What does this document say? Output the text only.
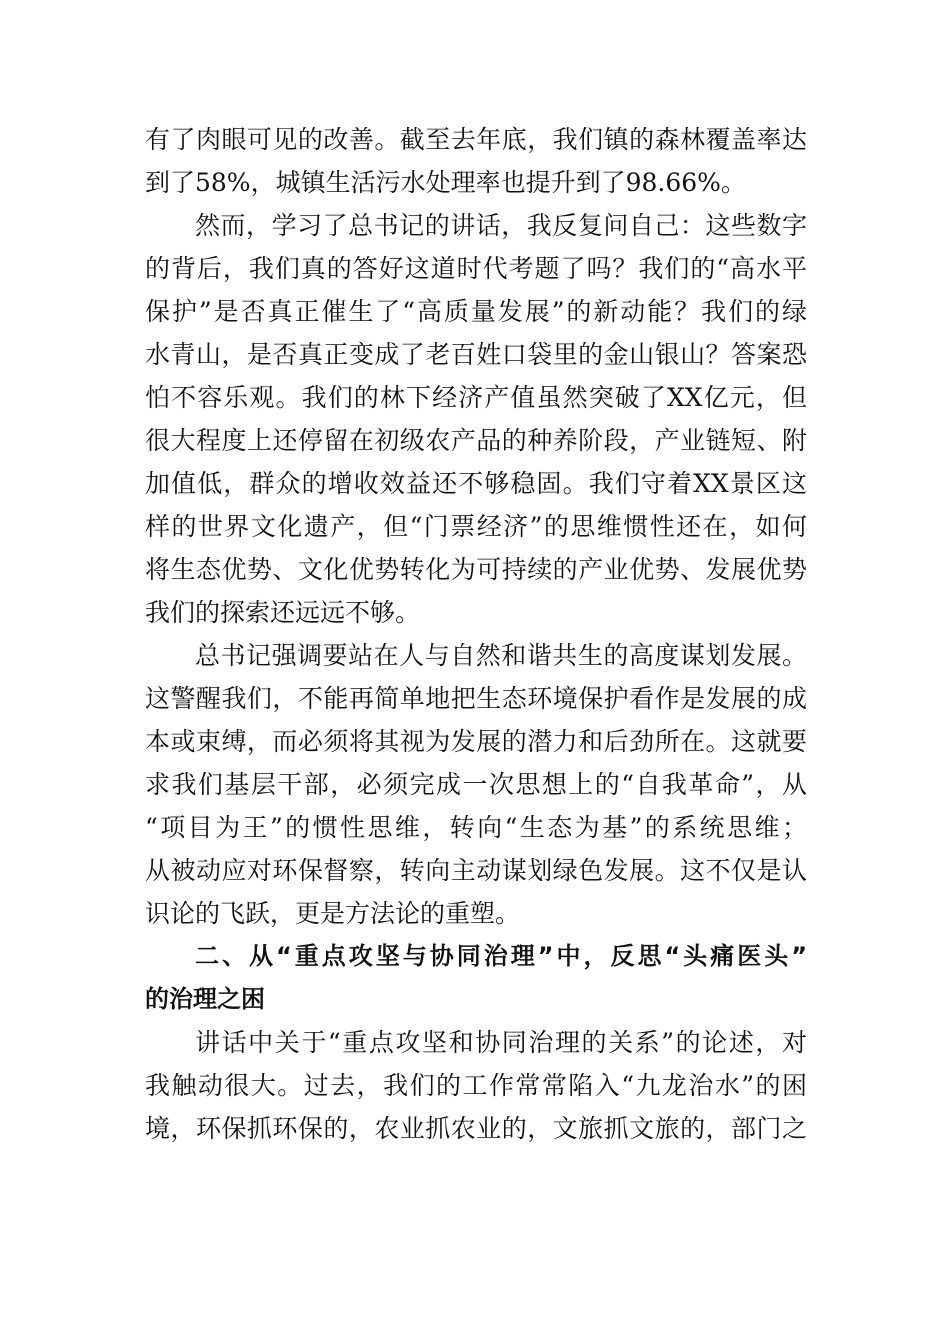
有了肉眼可见的改善。截至去年底，我们镇的森林覆盖率达
到了58%，城镇生活污水处理率也提升到了98.66%。
然而，学习了总书记的讲话，我反复问自己：这些数字
的背后，我们真的答好这道时代考题了吗？我们的“高水平
保护”是否真正催生了“高质量发展”的新动能？我们的绿
水青山，是否真正变成了老百姓口袋里的金山银山？答案恐
怕不容乐观。我们的林下经济产值虽然突破了XX亿元，但
很大程度上还停留在初级农产品的种养阶段，产业链短、附
加值低，群众的增收效益还不够稳固。我们守着XX景区这
样的世界文化遗产，但“门票经济”的思维惯性还在，如何
将生态优势、文化优势转化为可持续的产业优势、发展优势
我们的探索还远远不够。
总书记强调要站在人与自然和谐共生的高度谋划发展。
这警醒我们，不能再简单地把生态环境保护看作是发展的成
本或束缚，而必须将其视为发展的潜力和后劲所在。这就要
求我们基层干部，必须完成一次思想上的“自我革命”，从
“项目为王”的惯性思维，转向“生态为基”的系统思维；
从被动应对环保督察，转向主动谋划绿色发展。这不仅是认
识论的飞跃，更是方法论的重塑。
二、从“重点攻坚与协同治理”中，反思“头痛医头”
的治理之困
讲话中关于“重点攻坚和协同治理的关系”的论述，对
我触动很大。过去，我们的工作常常陷入“九龙治水”的困
境，环保抓环保的，农业抓农业的，文旅抓文旅的，部门之
